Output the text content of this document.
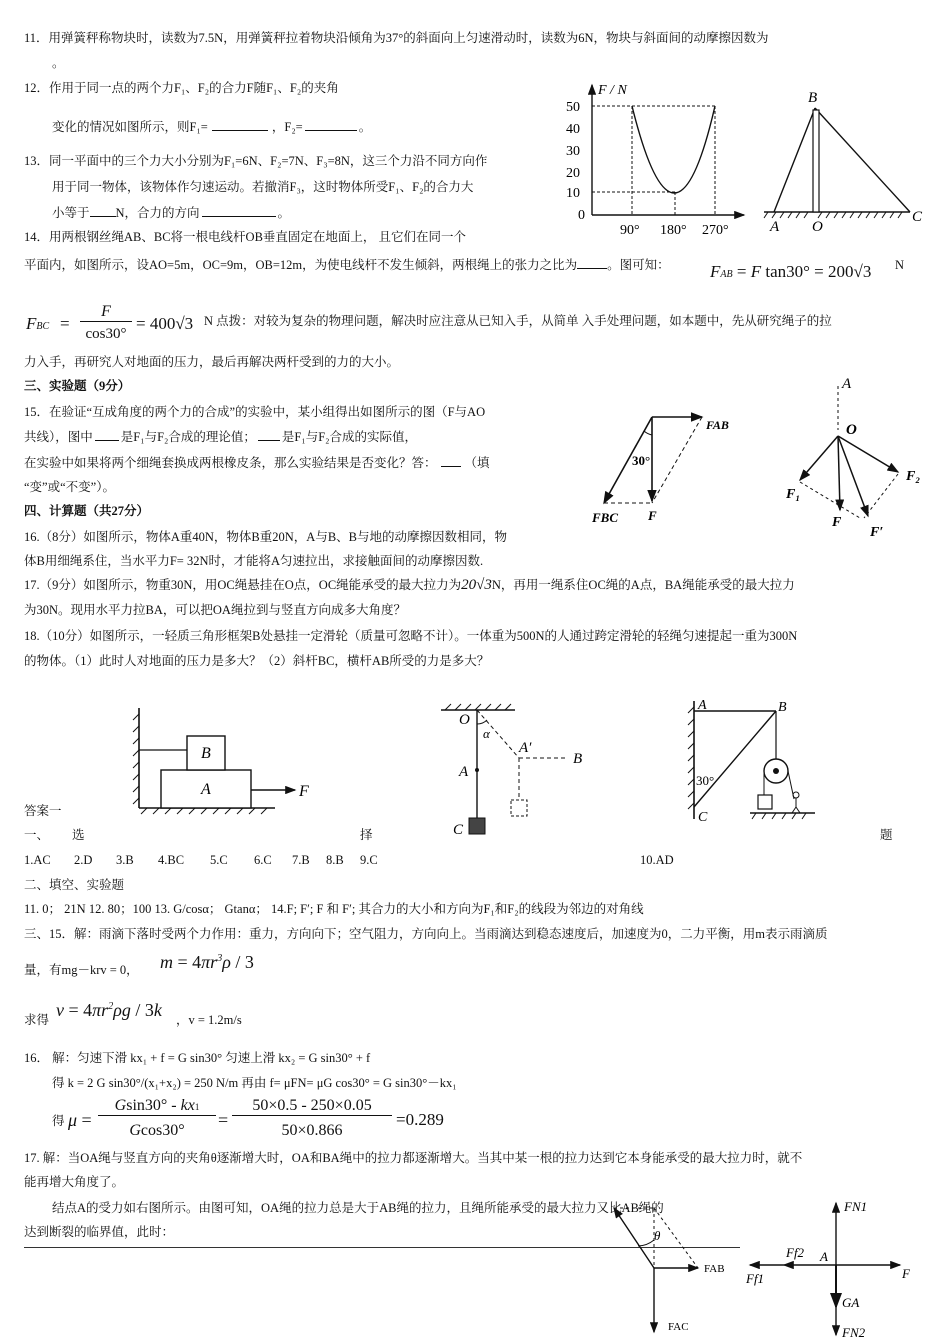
11．用弹簧秤称物块时，读数为7.5N，用弹簧秤拉着物块沿倾角为37°的斜面向上匀速滑动时，读数为6N，物块与斜面间的动摩擦因数为
。
12．作用于同一点的两个力F₁、F₂的合力F随F₁、F₂的夹角
变化的情况如图所示，则F₁=	，F₂=	。
13．同一平面中的三个力大小分别为F₁=6N、F₂=7N、F₃=8N，这三个力沿不同方向作
用于同一物体，该物体作匀速运动。若撤消F₃，这时物体所受F₁、F₂的合力大
小等于 N，合力的方向	。
14．用两根钢丝绳AB、BC将一根电线杆OB垂直固定在地面上， 且它们在同一个
平面内，如图所示，设AO=5m，OC=9m，OB=12m，为使电线杆不发生倾斜，两根绳上的张力之比为 。图可知： FAB = F tan30° = 200√3 N
FBC =
F
cos30°
= 400√3 N 点拨：对较为复杂的物理问题，解决时应注意从已知入手，从简单 入手处理问题，如本题中，先从研究绳子的拉
力入手，再研究人对地面的压力，最后再解决两杆受到的力的大小。
三、实验题（9分）
15．在验证“互成角度的两个力的合成”的实验中，某小组得出如图所示的图（F与AO
共线），图中 是F₁与F₂合成的理论值； 是F₁与F₂合成的实际值，
在实验中如果将两个细绳套换成两根橡皮条，那么实验结果是否变化？答： （填
“变”或“不变”）。
四、计算题（共27分）
16.（8分）如图所示，物体A重40N，物体B重20N，A与B、B与地的动摩擦因数相同，物
体B用细绳系住，当水平力F= 32N时，才能将A匀速拉出，求接触面间的动摩擦因数.
17.（9分）如图所示，物重30N，用OC绳悬挂在O点，OC绳能承受的最大拉力为20√3N，再用一绳系住OC绳的A点，BA绳能承受的最大拉力
为30N。现用水平力拉BA，可以把OA绳拉到与竖直方向成多大角度？
18.（10分）如图所示，一轻质三角形框架B处悬挂一定滑轮（质量可忽略不计）。一体重为500N的人通过跨定滑轮的轻绳匀速提起一重为300N
的物体。（1）此时人对地面的压力是多大？（2）斜杆BC，横杆AB所受的力是多大？
答案一
一、 选	择	题
1.AC 2.D 3.B 4.BC 5.C 6.C 7.B 8.B 9.C	10.AD
二、填空、实验题
11. 0； 21N 12. 80；100 13. G/cosα； Gtanα； 14.F; F′; F 和 F′; 其合力的大小和方向为F₁和F₂的线段为邻边的对角线
三、15．解：雨滴下落时受两个力作用：重力，方向向下；空气阻力，方向向上。当雨滴达到稳态速度后，加速度为0，二力平衡，用m表示雨滴质
量，有mg－krv = 0， $m = 4\pi r^3\rho / 3$
求得 $v = 4\pi r^2\rho g / 3k$ ，v = 1.2m/s
16． 解：匀速下滑 kx₁ + f = G sin30° 匀速上滑 kx₂ = G sin30° + f
得 k = 2 G sin30°/(x₁+x₂) = 250 N/m 再由 f= μFN= μG cos30° = G sin30°－kx₁
得 μ =
Gsin30° - kx1
Gcos30°
=
50×0.5 - 250×0.05
50×0.866
=0.289
17. 解：当OA绳与竖直方向的夹角θ逐渐增大时，OA和BA绳中的拉力都逐渐增大。当其中某一根的拉力达到它本身能承受的最大拉力时，就不
能再增大角度了。
结点A的受力如右图所示。由图可知，OA绳的拉力总是大于AB绳的拉力，且绳所能承受的最大拉力又比AB绳的
达到断裂的临界值，此时：
F / N
50
40
30
20
10
0
90° 180° 270°
B
A O
C
FAB
30°
FBC F
A
O
F₁
F₂
F
F′
B
A	F
O
α
A
A′
B
C
A	B
30°
C
θ
FAB
FAC
FN1
FN2
Ff1
Ff2 A
F
GA
